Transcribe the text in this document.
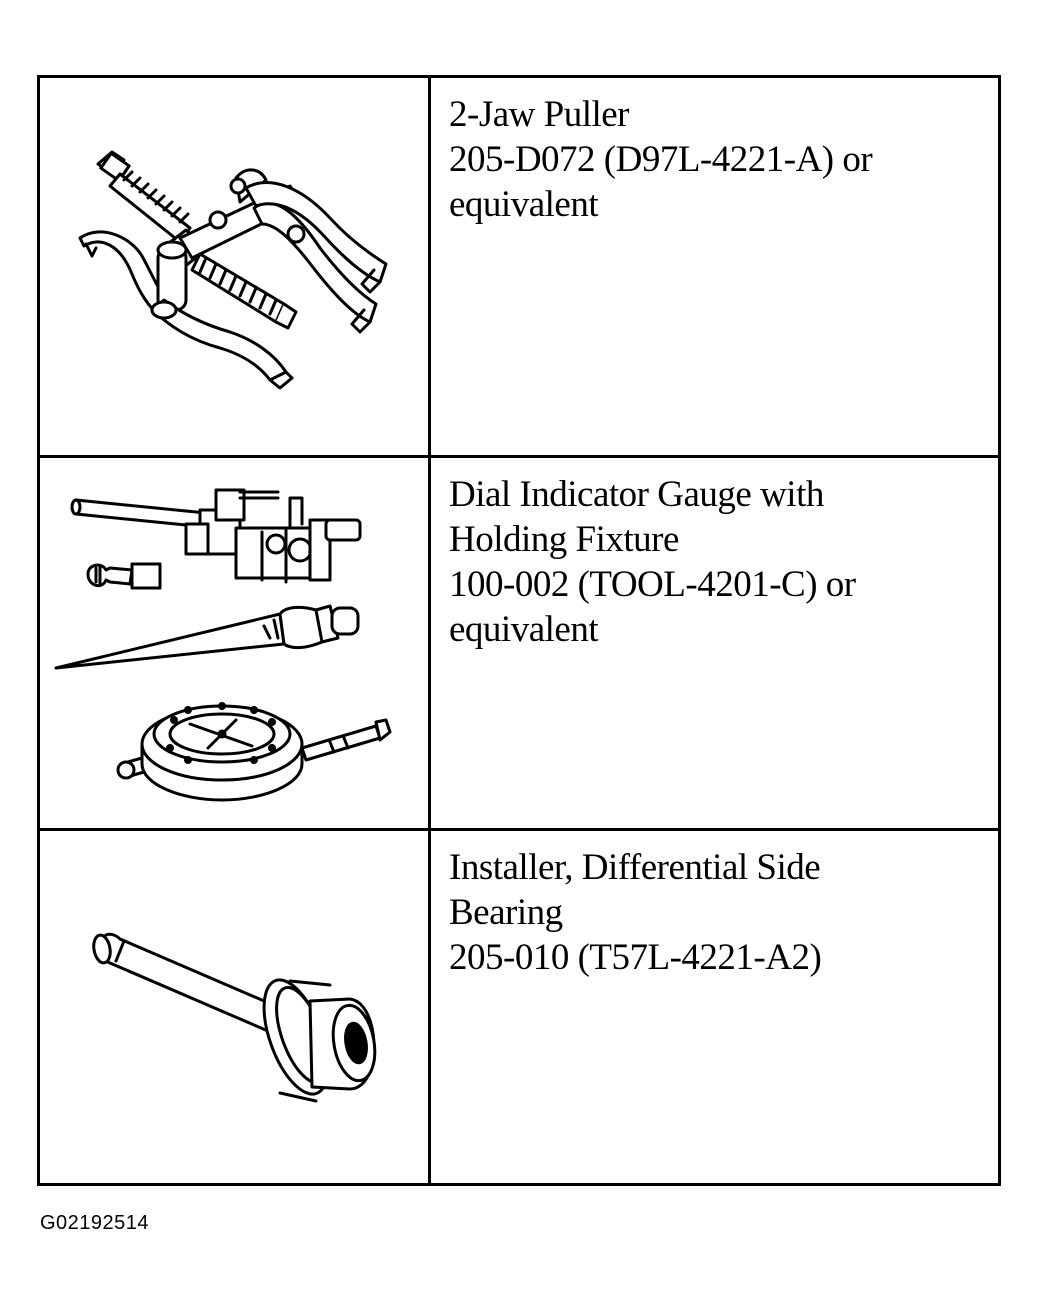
2-Jaw Puller
205-D072 (D97L-4221-A) or
equivalent
Dial Indicator Gauge with
Holding Fixture
100-002 (TOOL-4201-C) or
equivalent
Installer, Differential Side
Bearing
205-010 (T57L-4221-A2)
G02192514
